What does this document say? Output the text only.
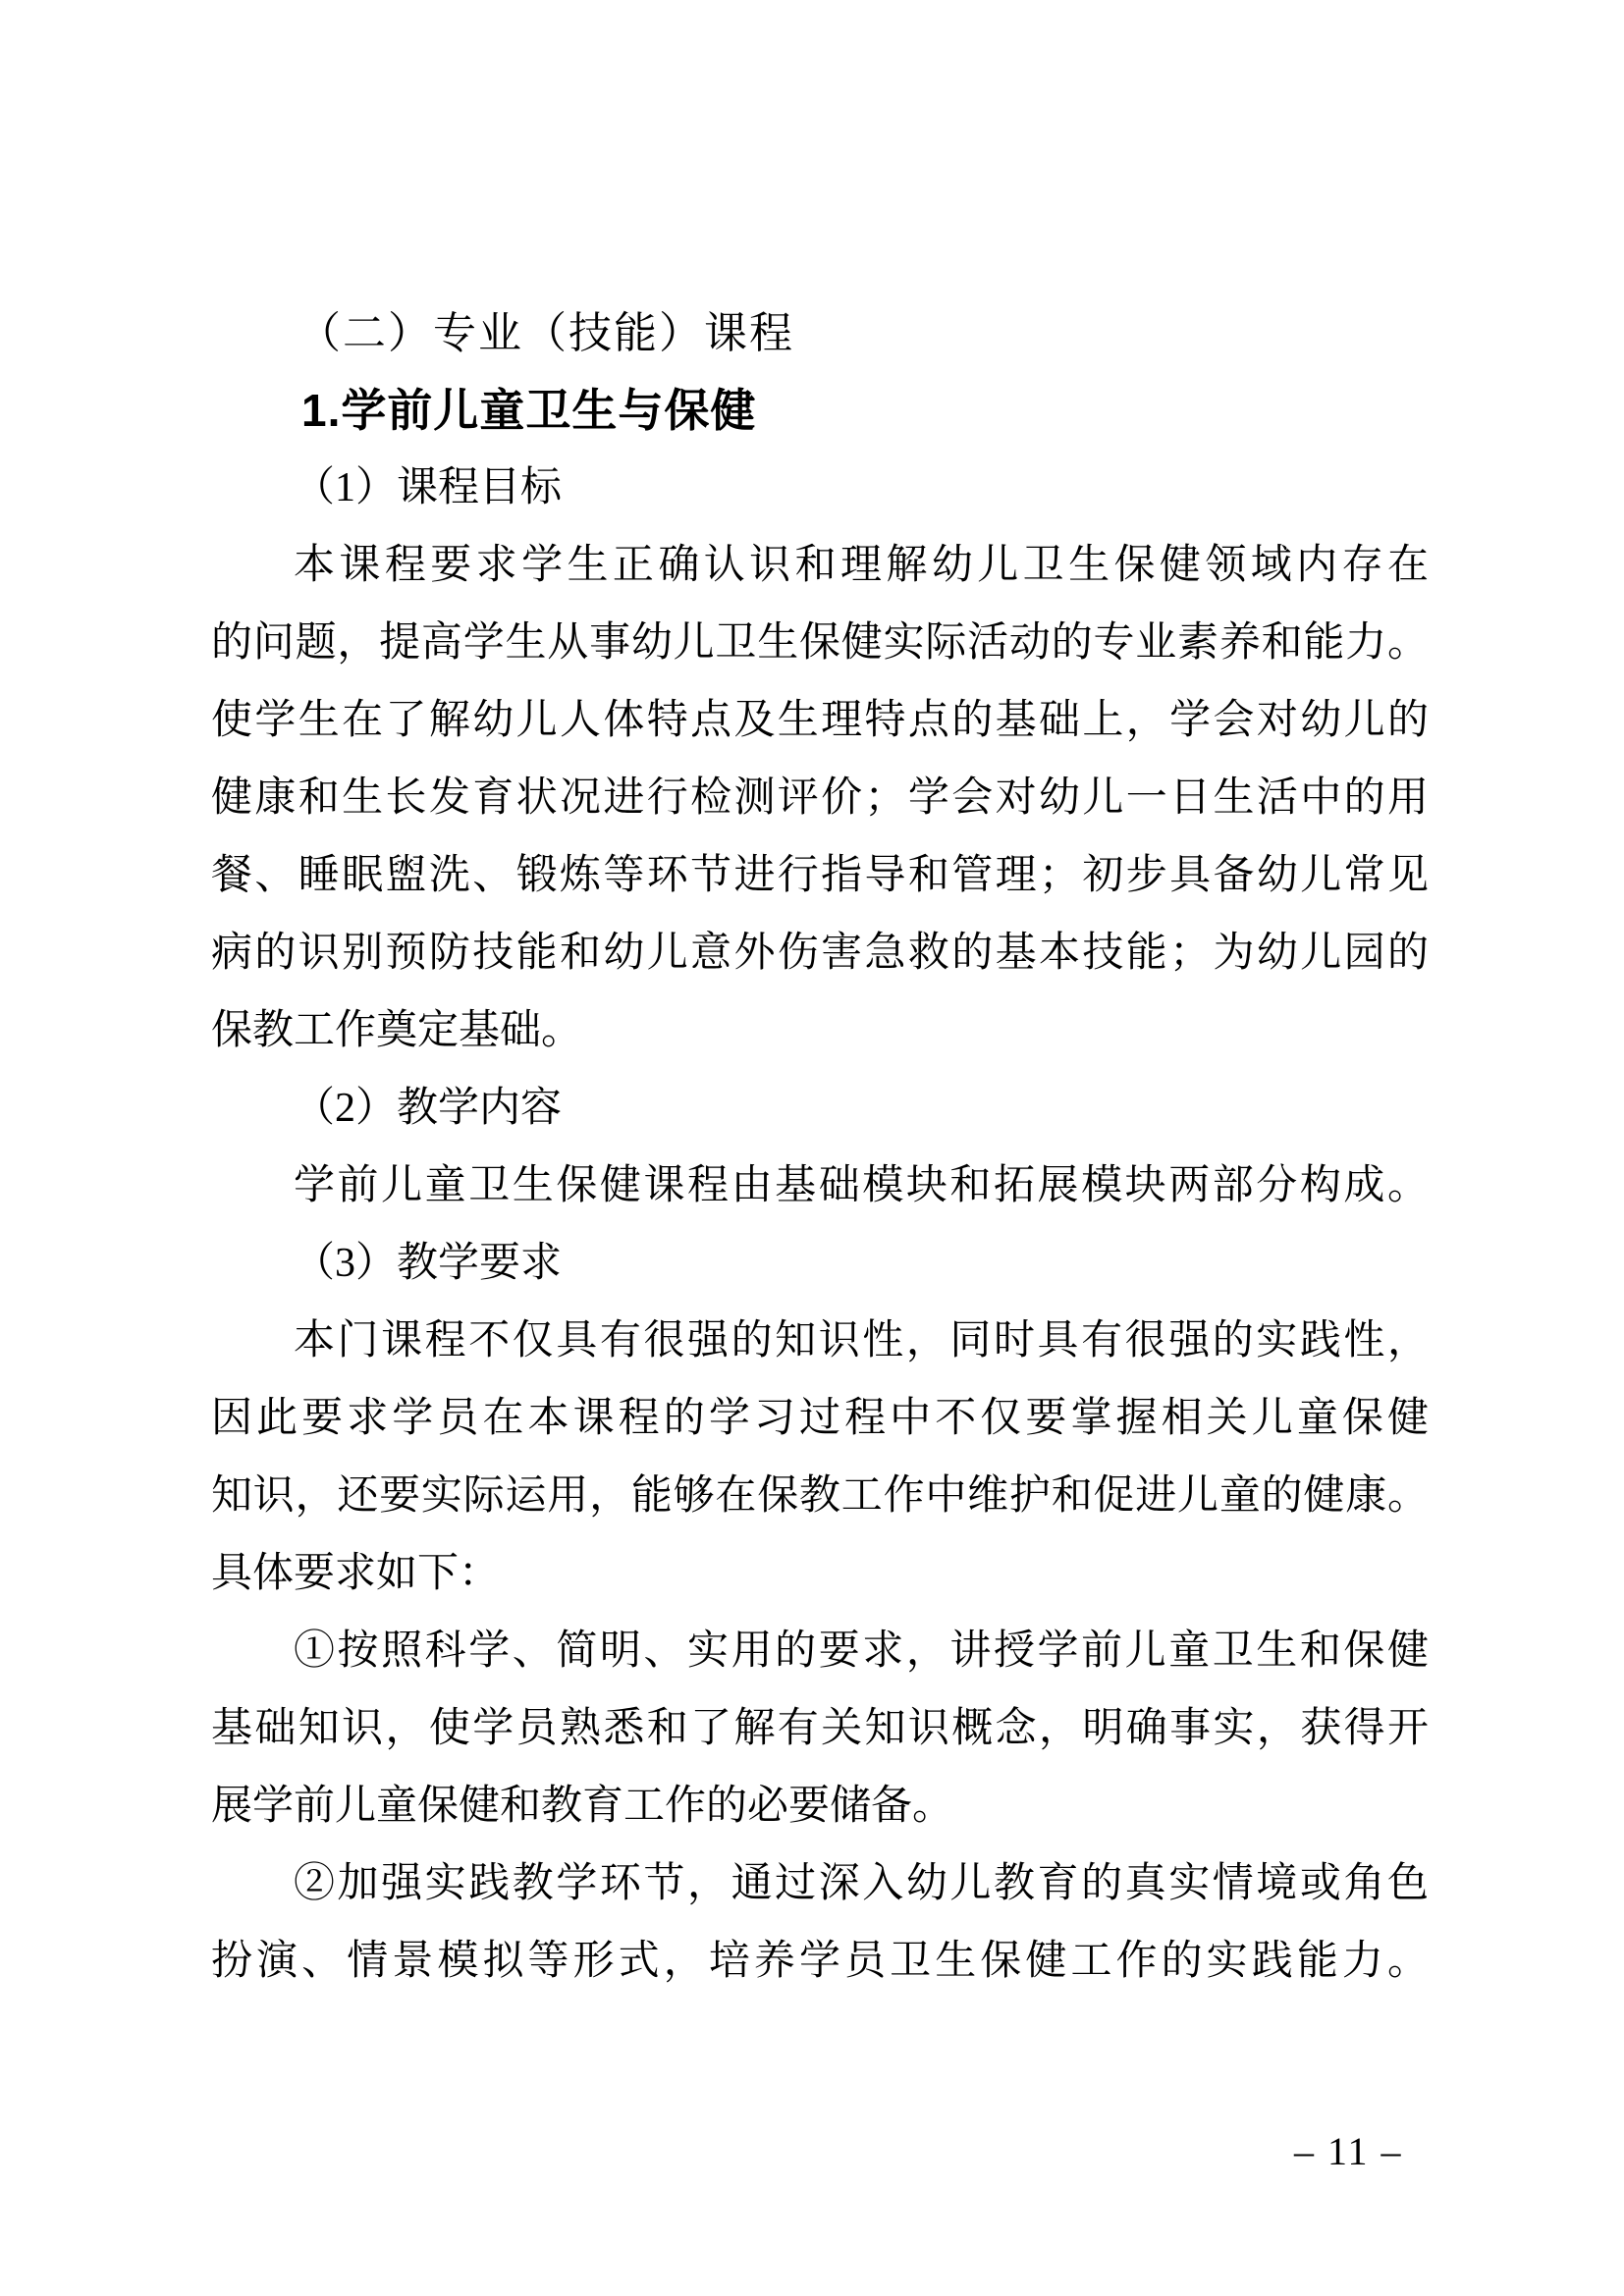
（二）专业（技能）课程
1.学前儿童卫生与保健
（1）课程目标
本课程要求学生正确认识和理解幼儿卫生保健领域内存在
的问题，提高学生从事幼儿卫生保健实际活动的专业素养和能力。
使学生在了解幼儿人体特点及生理特点的基础上，学会对幼儿的
健康和生长发育状况进行检测评价；学会对幼儿一日生活中的用
餐、睡眠盥洗、锻炼等环节进行指导和管理；初步具备幼儿常见
病的识别预防技能和幼儿意外伤害急救的基本技能；为幼儿园的
保教工作奠定基础。
（2）教学内容
学前儿童卫生保健课程由基础模块和拓展模块两部分构成。
（3）教学要求
本门课程不仅具有很强的知识性，同时具有很强的实践性，
因此要求学员在本课程的学习过程中不仅要掌握相关儿童保健
知识，还要实际运用，能够在保教工作中维护和促进儿童的健康。
具体要求如下：
①按照科学、简明、实用的要求，讲授学前儿童卫生和保健
基础知识，使学员熟悉和了解有关知识概念，明确事实，获得开
展学前儿童保健和教育工作的必要储备。
②加强实践教学环节，通过深入幼儿教育的真实情境或角色
扮演、情景模拟等形式，培养学员卫生保健工作的实践能力。
– 11 –
